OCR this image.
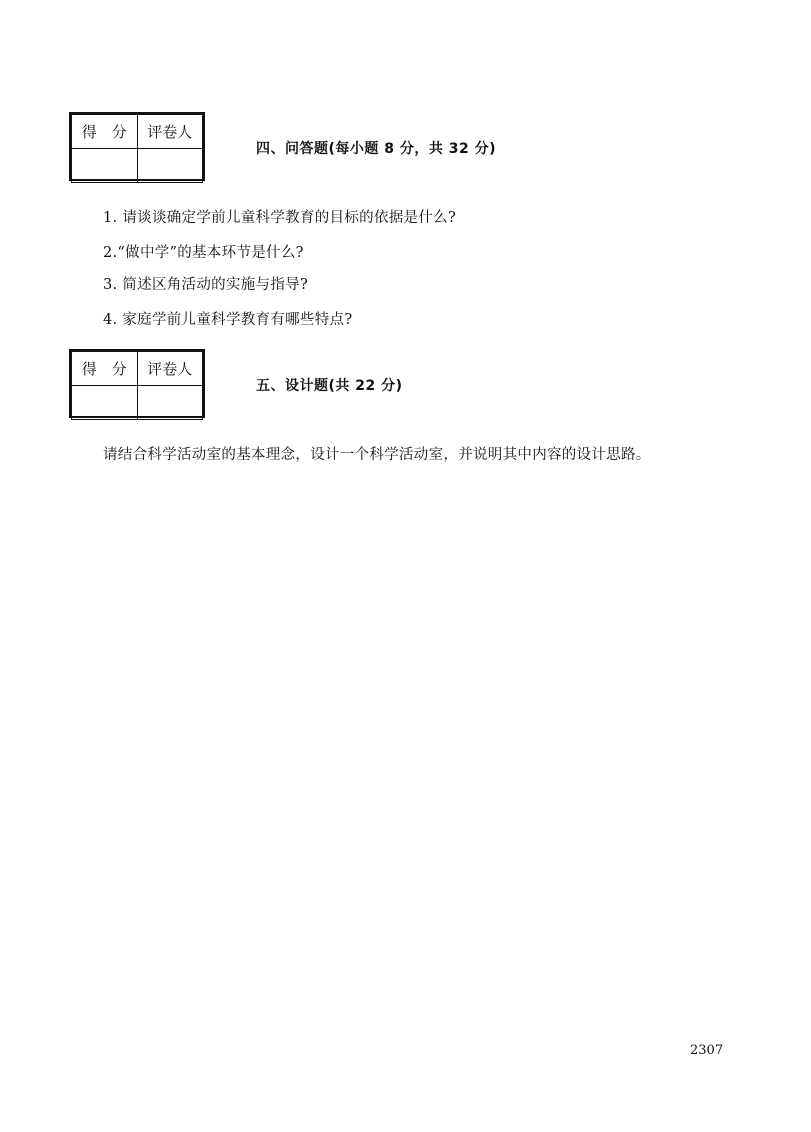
得　分	评卷人

四、问答题(每小题 8 分，共 32 分)
1. 请谈谈确定学前儿童科学教育的目标的依据是什么?
2.“做中学”的基本环节是什么?
3. 简述区角活动的实施与指导?
4. 家庭学前儿童科学教育有哪些特点?
得　分	评卷人

五、设计题(共 22 分)
请结合科学活动室的基本理念，设计一个科学活动室，并说明其中内容的设计思路。
2307
